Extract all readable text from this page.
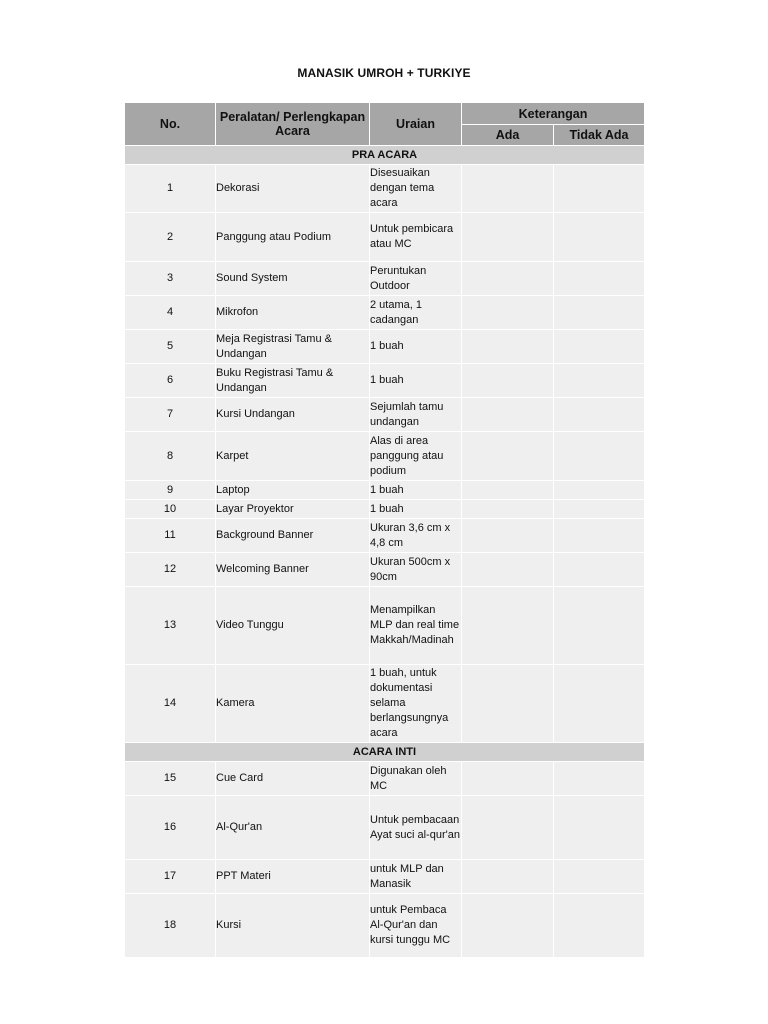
MANASIK UMROH + TURKIYE
No.	Peralatan/ Perlengkapan Acara	Uraian	Keterangan	
			Ada	Tidak Ada
PRA ACARA				
1	Dekorasi	Disesuaikan dengan tema acara		
2	Panggung atau Podium	Untuk pembicara atau MC		
3	Sound System	Peruntukan Outdoor		
4	Mikrofon	2 utama, 1 cadangan		
5	Meja Registrasi Tamu & Undangan	1 buah		
6	Buku Registrasi Tamu & Undangan	1 buah		
7	Kursi Undangan	Sejumlah tamu undangan		
8	Karpet	Alas di area panggung atau podium		
9	Laptop	1 buah		
10	Layar Proyektor	1 buah		
11	Background Banner	Ukuran 3,6 cm x 4,8 cm		
12	Welcoming Banner	Ukuran 500cm x 90cm		
13	Video Tunggu	Menampilkan MLP dan real time Makkah/Madinah		
14	Kamera	1 buah, untuk dokumentasi selama berlangsungnya acara		
ACARA INTI				
15	Cue Card	Digunakan oleh MC		
16	Al-Qur'an	Untuk pembacaan Ayat suci al-qur'an		
17	PPT Materi	untuk MLP dan Manasik		
18	Kursi	untuk Pembaca Al-Qur'an dan kursi tunggu MC		
